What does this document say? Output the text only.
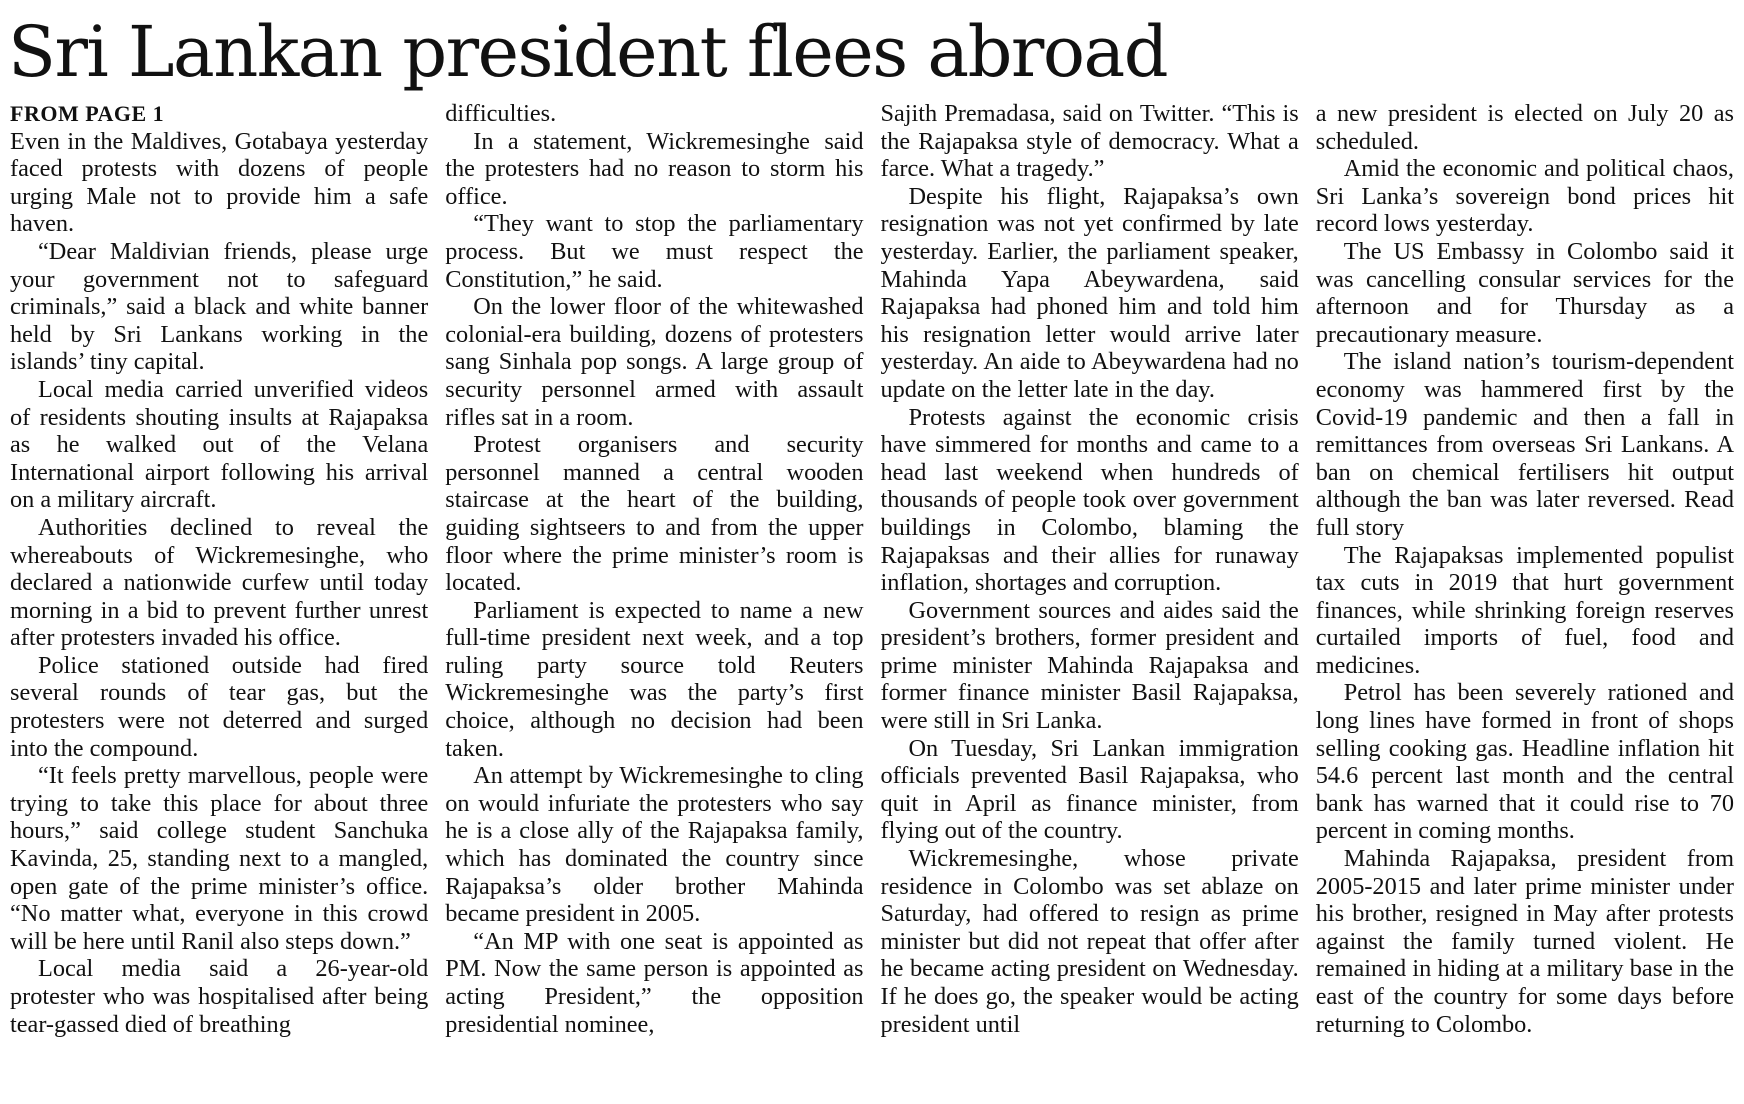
Sri Lankan president flees abroad
FROM PAGE 1

Even in the Maldives, Gotabaya yesterday faced protests with dozens of people urging Male not to provide him a safe haven.

“Dear Maldivian friends, please urge your government not to safeguard criminals,” said a black and white banner held by Sri Lankans working in the islands’ tiny capital.

Local media carried unverified videos of residents shouting insults at Rajapaksa as he walked out of the Velana International airport following his arrival on a military aircraft.

Authorities declined to reveal the whereabouts of Wickremesinghe, who declared a nationwide curfew until today morning in a bid to prevent further unrest after protesters invaded his office.

Police stationed outside had fired several rounds of tear gas, but the protesters were not deterred and surged into the compound.

“It feels pretty marvellous, people were trying to take this place for about three hours,” said college student Sanchuka Kavinda, 25, standing next to a mangled, open gate of the prime minister’s office. “No matter what, everyone in this crowd will be here until Ranil also steps down.”

Local media said a 26-year-old protester who was hospitalised after being tear-gassed died of breathing

difficulties.

In a statement, Wickremesinghe said the protesters had no reason to storm his office.

“They want to stop the parliamentary process. But we must respect the Constitution,” he said.

On the lower floor of the whitewashed colonial-era building, dozens of protesters sang Sinhala pop songs. A large group of security personnel armed with assault rifles sat in a room.

Protest organisers and security personnel manned a central wooden staircase at the heart of the building, guiding sightseers to and from the upper floor where the prime minister’s room is located.

Parliament is expected to name a new full-time president next week, and a top ruling party source told Reuters Wickremesinghe was the party’s first choice, although no decision had been taken.

An attempt by Wickremesinghe to cling on would infuriate the protesters who say he is a close ally of the Rajapaksa family, which has dominated the country since Rajapaksa’s older brother Mahinda became president in 2005.

“An MP with one seat is appointed as PM. Now the same person is appointed as acting President,” the opposition presidential nominee,

Sajith Premadasa, said on Twitter. “This is the Rajapaksa style of democracy. What a farce. What a tragedy.”

Despite his flight, Rajapaksa’s own resignation was not yet confirmed by late yesterday. Earlier, the parliament speaker, Mahinda Yapa Abeywardena, said Rajapaksa had phoned him and told him his resignation letter would arrive later yesterday. An aide to Abeywardena had no update on the letter late in the day.

Protests against the economic crisis have simmered for months and came to a head last weekend when hundreds of thousands of people took over government buildings in Colombo, blaming the Rajapaksas and their allies for runaway inflation, shortages and corruption.

Government sources and aides said the president’s brothers, former president and prime minister Mahinda Rajapaksa and former finance minister Basil Rajapaksa, were still in Sri Lanka.

On Tuesday, Sri Lankan immigration officials prevented Basil Rajapaksa, who quit in April as finance minister, from flying out of the country.

Wickremesinghe, whose private residence in Colombo was set ablaze on Saturday, had offered to resign as prime minister but did not repeat that offer after he became acting president on Wednesday. If he does go, the speaker would be acting president until

a new president is elected on July 20 as scheduled.

Amid the economic and political chaos, Sri Lanka’s sovereign bond prices hit record lows yesterday.

The US Embassy in Colombo said it was cancelling consular services for the afternoon and for Thursday as a precautionary measure.

The island nation’s tourism-dependent economy was hammered first by the Covid-19 pandemic and then a fall in remittances from overseas Sri Lankans. A ban on chemical fertilisers hit output although the ban was later reversed. Read full story

The Rajapaksas implemented populist tax cuts in 2019 that hurt government finances, while shrinking foreign reserves curtailed imports of fuel, food and medicines.

Petrol has been severely rationed and long lines have formed in front of shops selling cooking gas. Headline inflation hit 54.6 percent last month and the central bank has warned that it could rise to 70 percent in coming months.

Mahinda Rajapaksa, president from 2005-2015 and later prime minister under his brother, resigned in May after protests against the family turned violent. He remained in hiding at a military base in the east of the country for some days before returning to Colombo.
